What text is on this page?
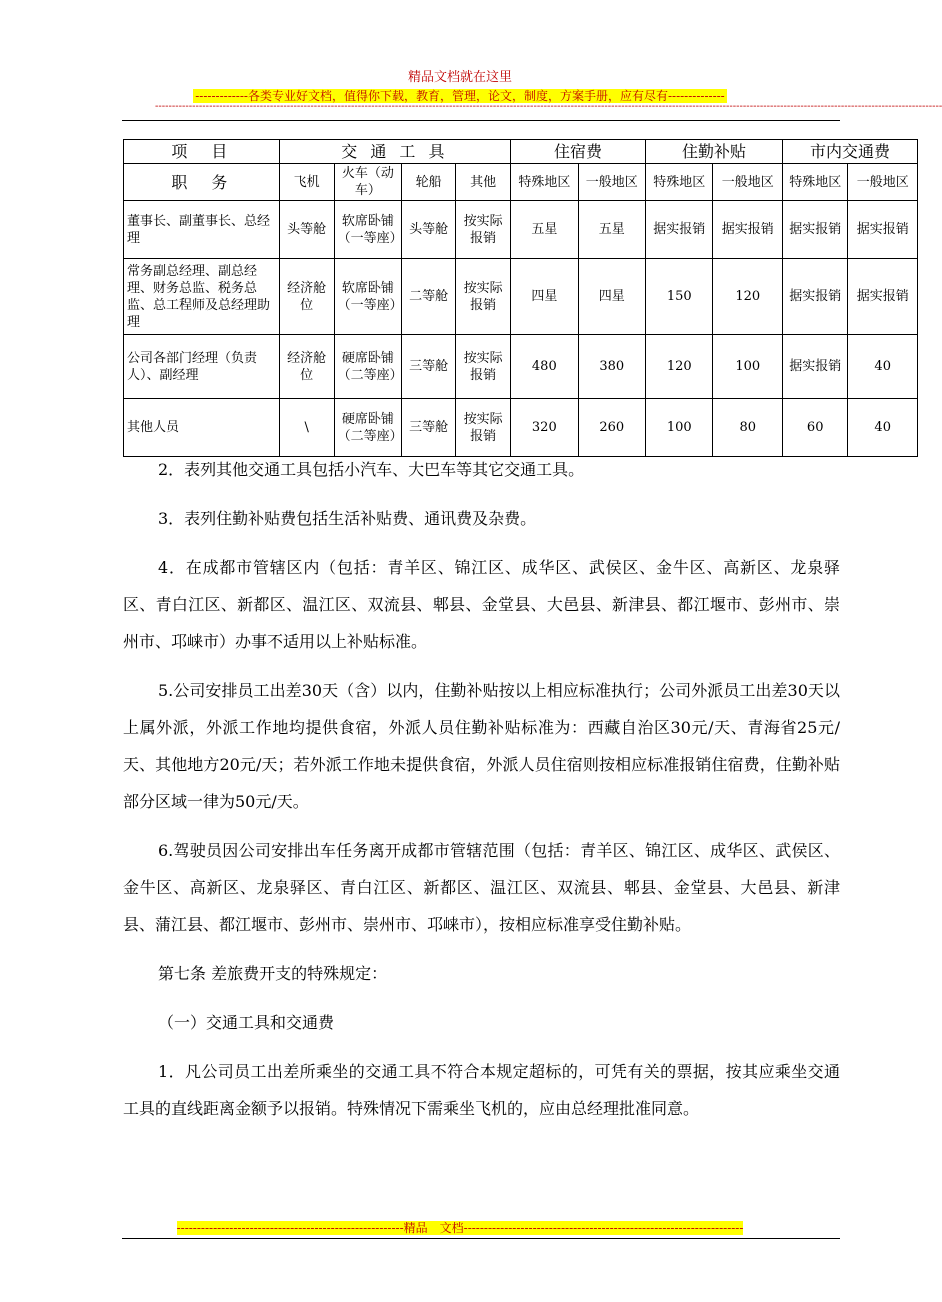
精品文档就在这里
-------------各类专业好文档，值得你下载，教育，管理，论文，制度，方案手册，应有尽有--------------
-----------------------------------------------------------------------------------------------------------------------------------------------------------------------------------------------------------------------------------------
项　目	交 通 工 具				住宿费		住勤补贴		市内交通费	
职　务	飞机	火车（动车）	轮船	其他	特殊地区	一般地区	特殊地区	一般地区	特殊地区	一般地区
董事长、副董事长、总经理	头等舱	软席卧铺（一等座）	头等舱	按实际报销	五星	五星	据实报销	据实报销	据实报销	据实报销
常务副总经理、副总经理、财务总监、税务总监、总工程师及总经理助理	经济舱位	软席卧铺（一等座）	二等舱	按实际报销	四星	四星	150	120	据实报销	据实报销
公司各部门经理（负责人）、副经理	经济舱位	硬席卧铺（二等座）	三等舱	按实际报销	480	380	120	100	据实报销	40
其他人员	\	硬席卧铺（二等座）	三等舱	按实际报销	320	260	100	80	60	40

2．表列其他交通工具包括小汽车、大巴车等其它交通工具。

3．表列住勤补贴费包括生活补贴费、通讯费及杂费。

4．在成都市管辖区内（包括：青羊区、锦江区、成华区、武侯区、金牛区、高新区、龙泉驿区、青白江区、新都区、温江区、双流县、郫县、金堂县、大邑县、新津县、都江堰市、彭州市、崇州市、邛崃市）办事不适用以上补贴标准。

5.公司安排员工出差30天（含）以内，住勤补贴按以上相应标准执行；公司外派员工出差30天以上属外派，外派工作地均提供食宿，外派人员住勤补贴标准为：西藏自治区30元/天、青海省25元/天、其他地方20元/天；若外派工作地未提供食宿，外派人员住宿则按相应标准报销住宿费，住勤补贴部分区域一律为50元/天。

6.驾驶员因公司安排出车任务离开成都市管辖范围（包括：青羊区、锦江区、成华区、武侯区、金牛区、高新区、龙泉驿区、青白江区、新都区、温江区、双流县、郫县、金堂县、大邑县、新津县、蒲江县、都江堰市、彭州市、崇州市、邛崃市），按相应标准享受住勤补贴。

第七条 差旅费开支的特殊规定：

（一）交通工具和交通费

1．凡公司员工出差所乘坐的交通工具不符合本规定超标的，可凭有关的票据，按其应乘坐交通工具的直线距离金额予以报销。特殊情况下需乘坐飞机的，应由总经理批准同意。

--------------------------------------------------------精品　文档---------------------------------------------------------------------
